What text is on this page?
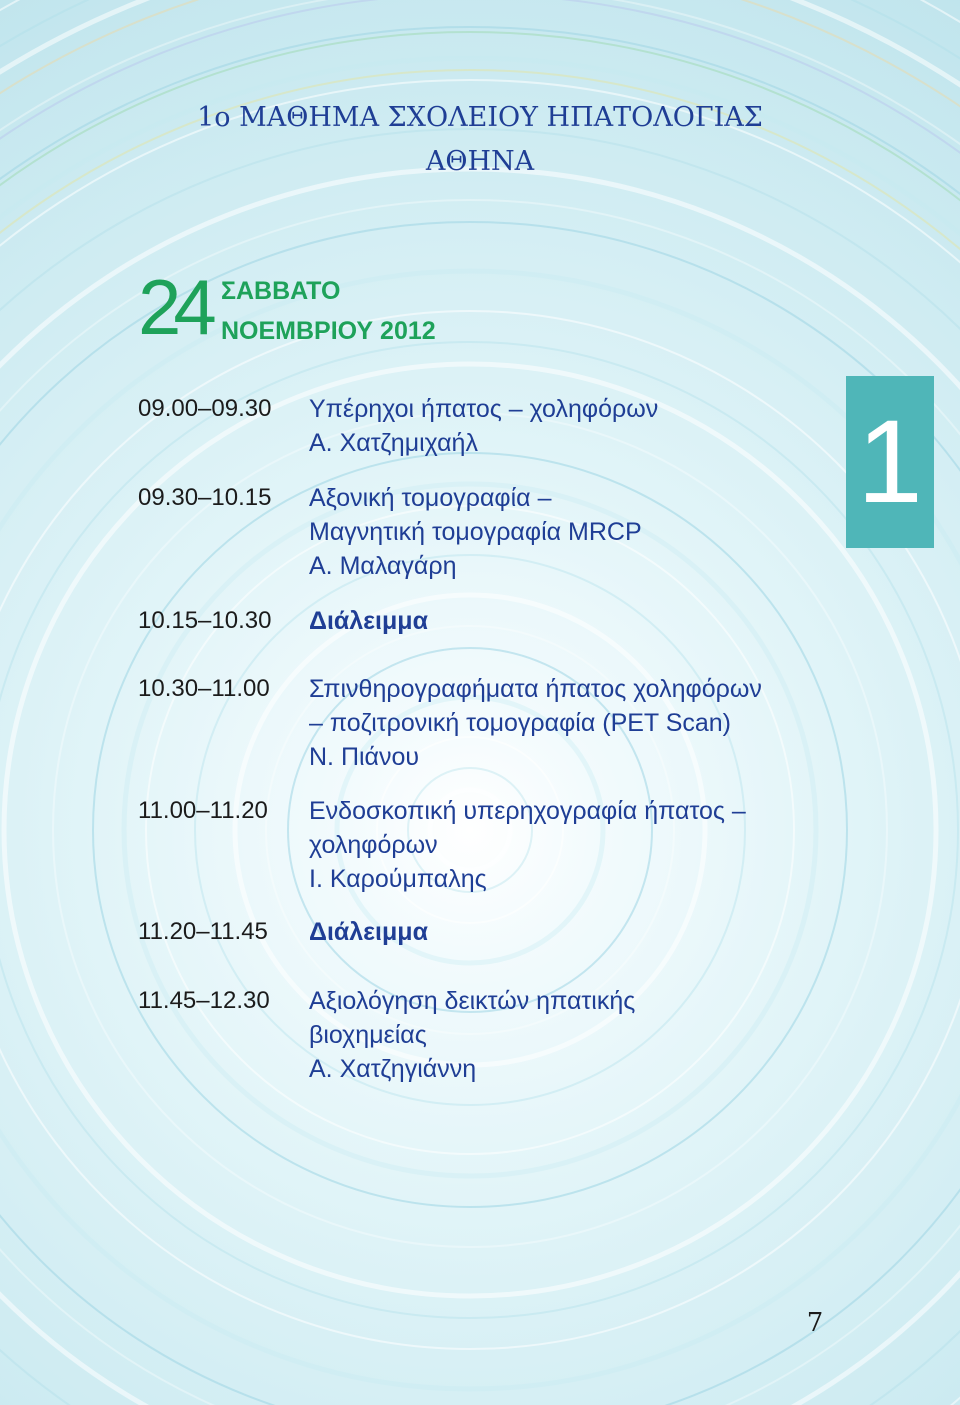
1ο ΜΑΘΗΜΑ ΣΧΟΛΕΙΟΥ ΗΠΑΤΟΛΟΓΙΑΣ
ΑΘΗΝΑ
24 ΣΑΒΒΑΤΟ
ΝΟΕΜΒΡΙΟΥ 2012
1
09.00–09.30	Υπέρηχοι ήπατος – χοληφόρων
Α. Χατζημιχαήλ
09.30–10.15	Αξονική τομογραφία –
Μαγνητική τομογραφία MRCP
Α. Μαλαγάρη
10.15–10.30	Διάλειμμα
10.30–11.00	Σπινθηρογραφήματα ήπατος χοληφόρων
– ποζιτρονική τομογραφία (PET Scan)
Ν. Πιάνου
11.00–11.20	Ενδοσκοπική υπερηχογραφία ήπατος –
χοληφόρων
Ι. Καρούμπαλης
11.20–11.45	Διάλειμμα
11.45–12.30	Αξιολόγηση δεικτών ηπατικής
βιοχημείας
Α. Χατζηγιάννη
7
